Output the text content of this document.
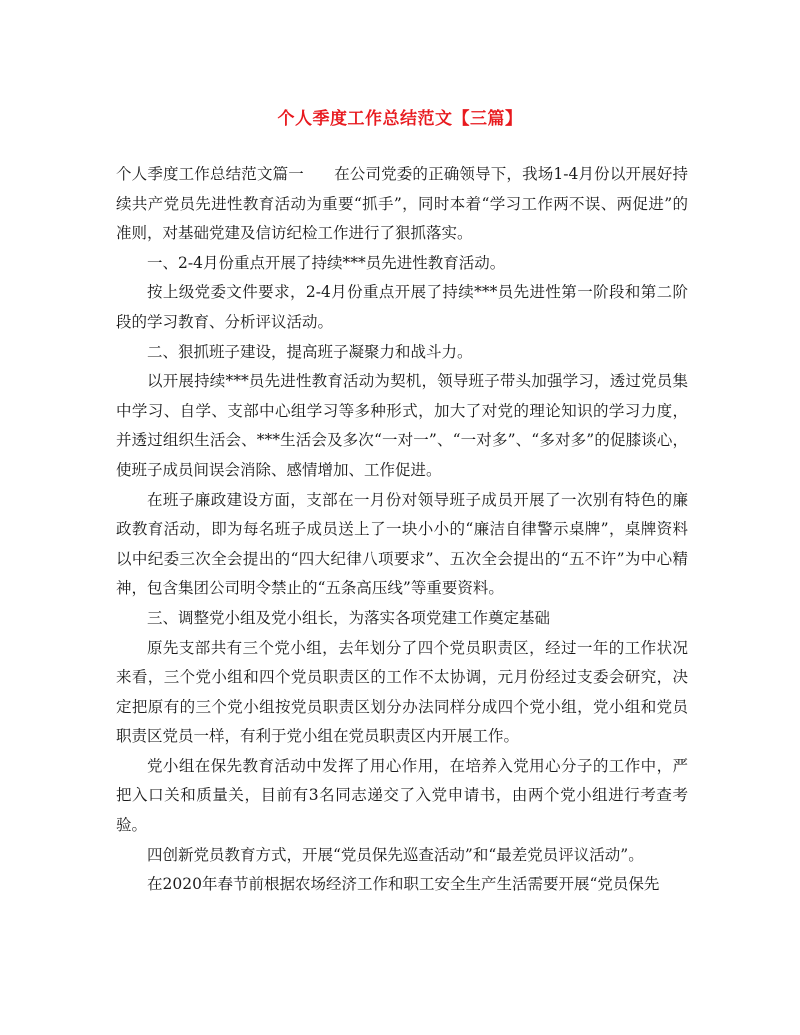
个人季度工作总结范文【三篇】

个人季度工作总结范文篇一 在公司党委的正确领导下，我场1-4月份以开展好持续共产党员先进性教育活动为重要“抓手”，同时本着“学习工作两不误、两促进”的准则，对基础党建及信访纪检工作进行了狠抓落实。

一、2-4月份重点开展了持续***员先进性教育活动。

按上级党委文件要求，2-4月份重点开展了持续***员先进性第一阶段和第二阶段的学习教育、分析评议活动。

二、狠抓班子建设，提高班子凝聚力和战斗力。

以开展持续***员先进性教育活动为契机，领导班子带头加强学习，透过党员集中学习、自学、支部中心组学习等多种形式，加大了对党的理论知识的学习力度，并透过组织生活会、***生活会及多次“一对一”、“一对多”、“多对多”的促膝谈心，使班子成员间误会消除、感情增加、工作促进。

在班子廉政建设方面，支部在一月份对领导班子成员开展了一次别有特色的廉政教育活动，即为每名班子成员送上了一块小小的“廉洁自律警示桌牌”，桌牌资料以中纪委三次全会提出的“四大纪律八项要求”、五次全会提出的“五不许”为中心精神，包含集团公司明令禁止的“五条高压线”等重要资料。

三、调整党小组及党小组长，为落实各项党建工作奠定基础

原先支部共有三个党小组，去年划分了四个党员职责区，经过一年的工作状况来看，三个党小组和四个党员职责区的工作不太协调，元月份经过支委会研究，决定把原有的三个党小组按党员职责区划分办法同样分成四个党小组，党小组和党员职责区党员一样，有利于党小组在党员职责区内开展工作。

党小组在保先教育活动中发挥了用心作用，在培养入党用心分子的工作中，严把入口关和质量关，目前有3名同志递交了入党申请书，由两个党小组进行考查考验。

四创新党员教育方式，开展“党员保先巡查活动”和“最差党员评议活动”。

在2020年春节前根据农场经济工作和职工安全生产生活需要开展“党员保先
